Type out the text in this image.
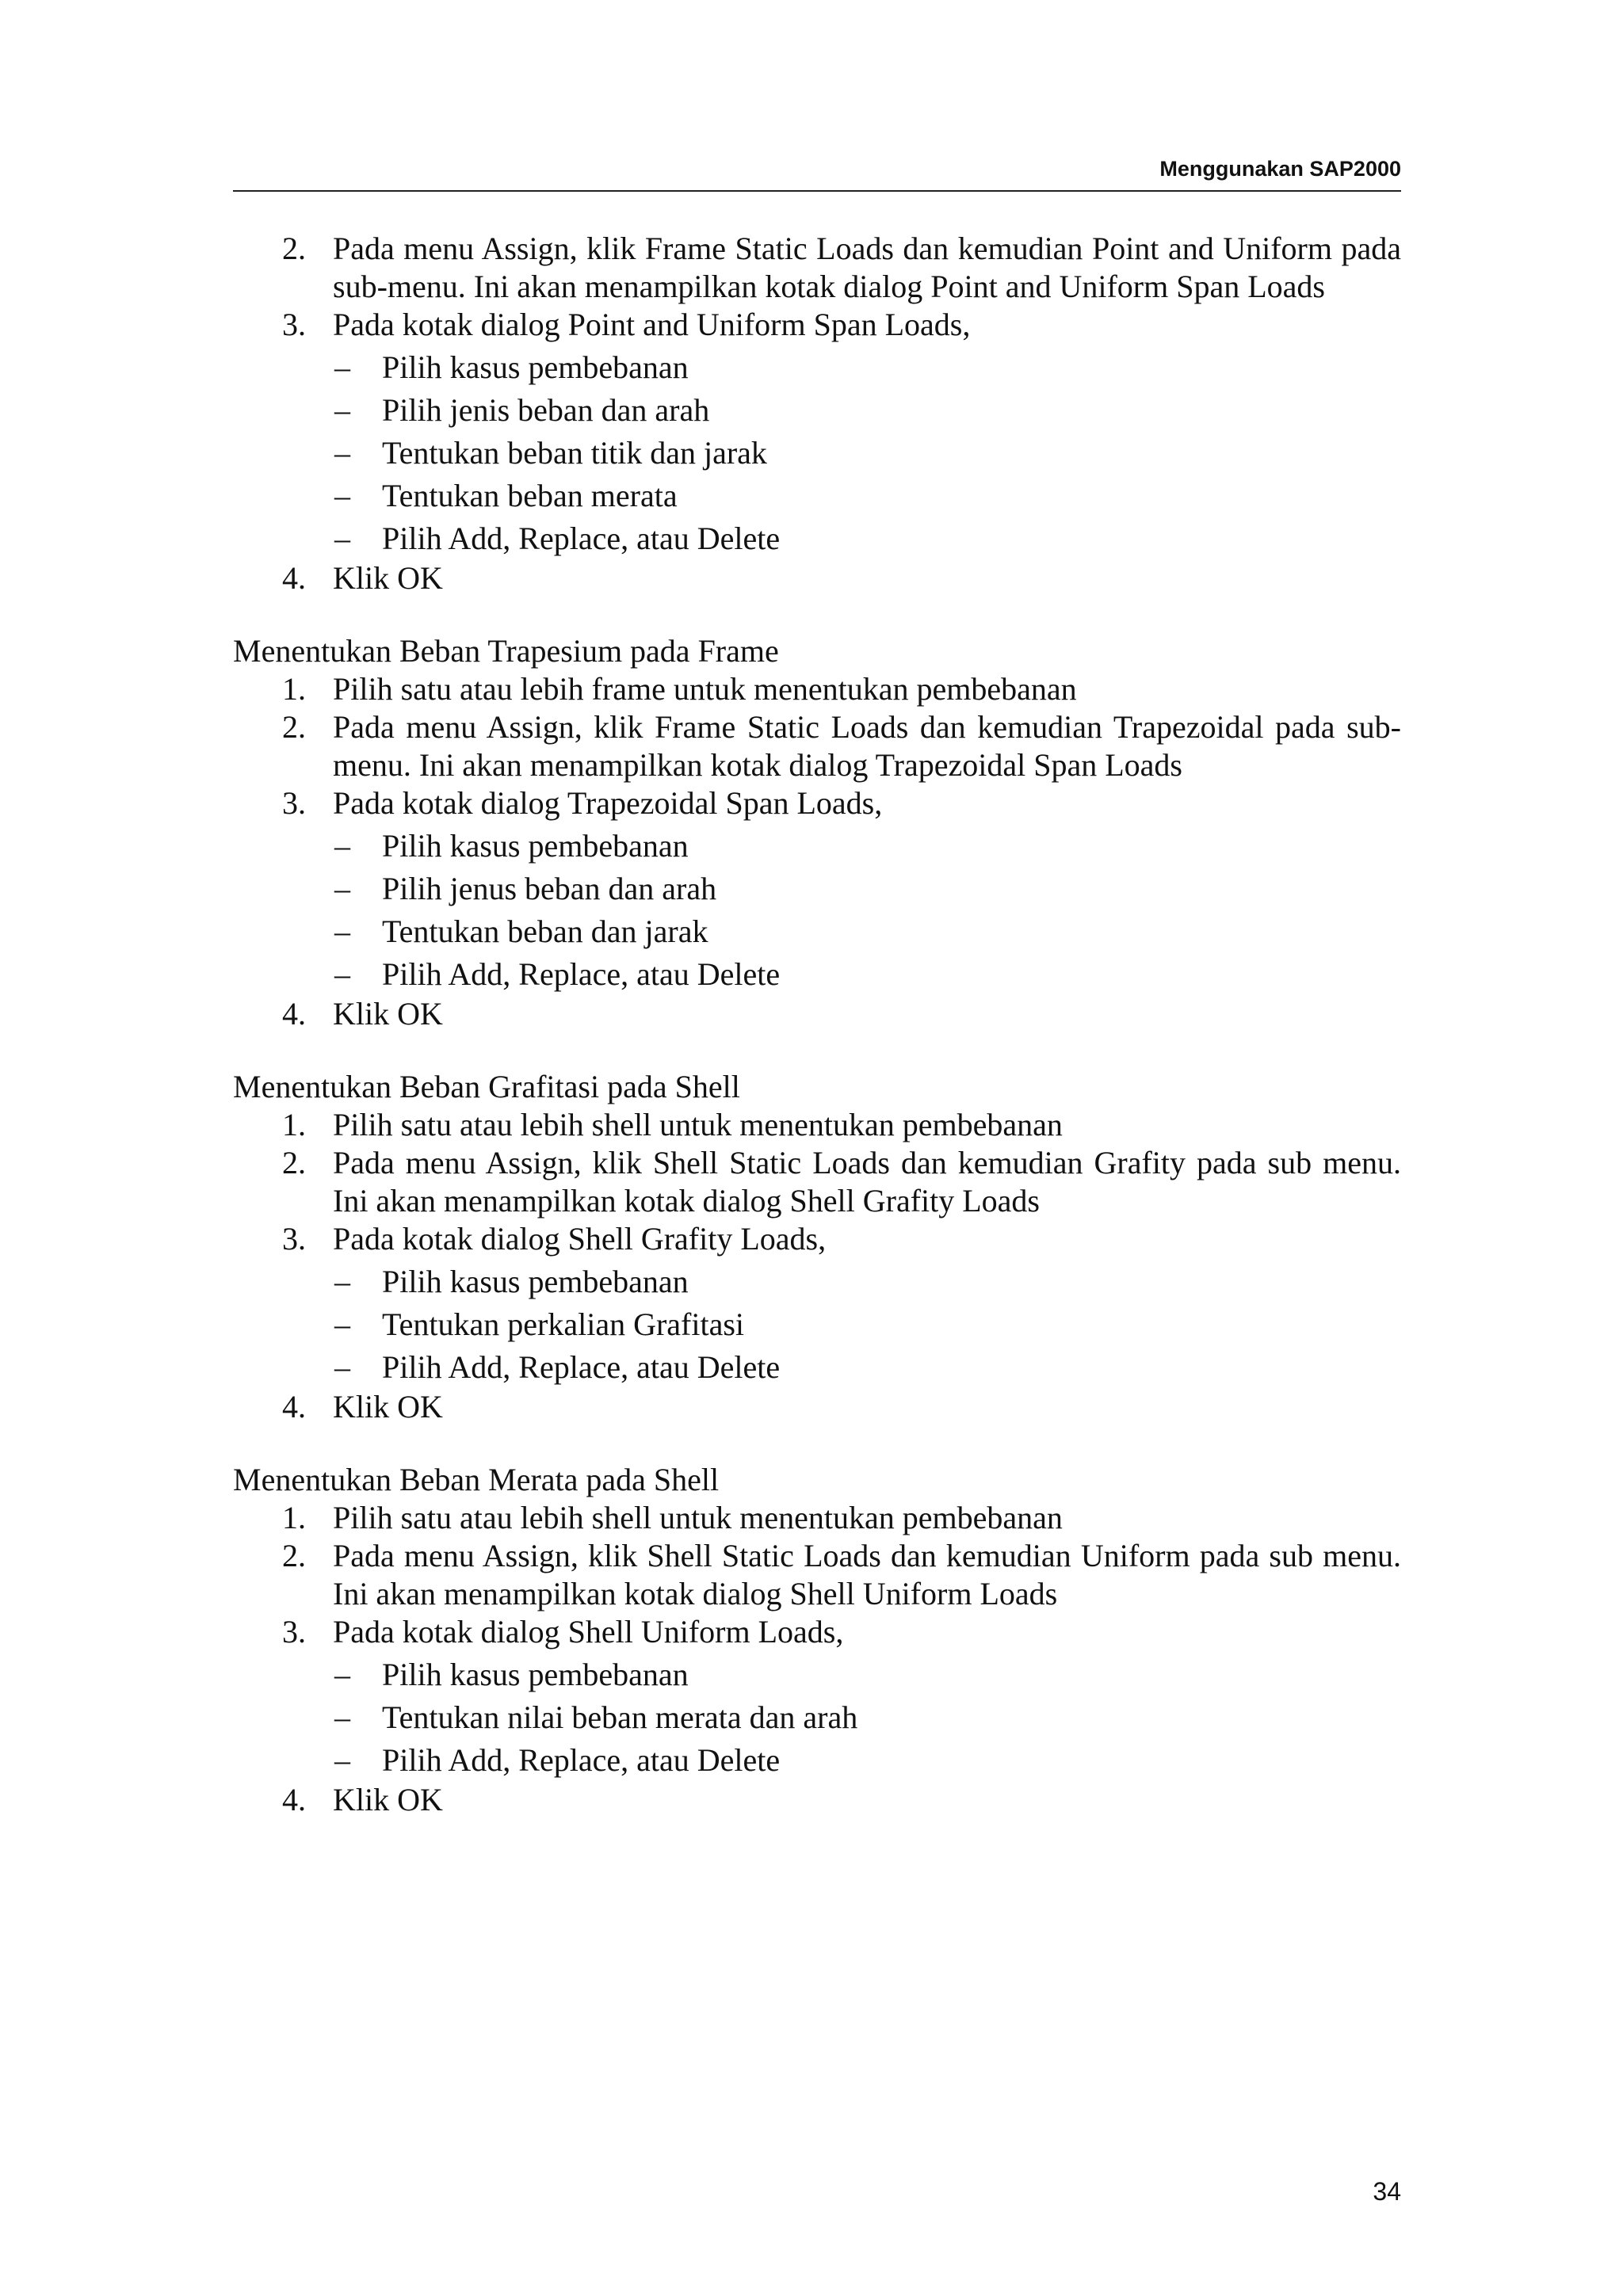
Menggunakan SAP2000
2. Pada menu Assign, klik Frame Static Loads dan kemudian Point and Uniform pada sub-menu. Ini akan menampilkan kotak dialog Point and Uniform Span Loads
3. Pada kotak dialog Point and Uniform Span Loads,
– Pilih kasus pembebanan
– Pilih jenis beban dan arah
– Tentukan beban titik dan jarak
– Tentukan beban merata
– Pilih Add, Replace, atau Delete
4. Klik OK
Menentukan Beban Trapesium pada Frame
1. Pilih satu atau lebih frame untuk menentukan pembebanan
2. Pada menu Assign, klik Frame Static Loads dan kemudian Trapezoidal pada sub-menu. Ini akan menampilkan kotak dialog Trapezoidal Span Loads
3. Pada kotak dialog Trapezoidal Span Loads,
– Pilih kasus pembebanan
– Pilih jenus beban dan arah
– Tentukan beban dan jarak
– Pilih Add, Replace, atau Delete
4. Klik OK
Menentukan Beban Grafitasi pada Shell
1. Pilih satu atau lebih shell untuk menentukan pembebanan
2. Pada menu Assign, klik Shell Static Loads dan kemudian Grafity pada sub menu. Ini akan menampilkan kotak dialog Shell Grafity Loads
3. Pada kotak dialog Shell Grafity Loads,
– Pilih kasus pembebanan
– Tentukan perkalian Grafitasi
– Pilih Add, Replace, atau Delete
4. Klik OK
Menentukan Beban Merata pada Shell
1. Pilih satu atau lebih shell untuk menentukan pembebanan
2. Pada menu Assign, klik Shell Static Loads dan kemudian Uniform pada sub menu. Ini akan menampilkan kotak dialog Shell Uniform Loads
3. Pada kotak dialog Shell Uniform Loads,
– Pilih kasus pembebanan
– Tentukan nilai beban merata dan arah
– Pilih Add, Replace, atau Delete
4. Klik OK
34
